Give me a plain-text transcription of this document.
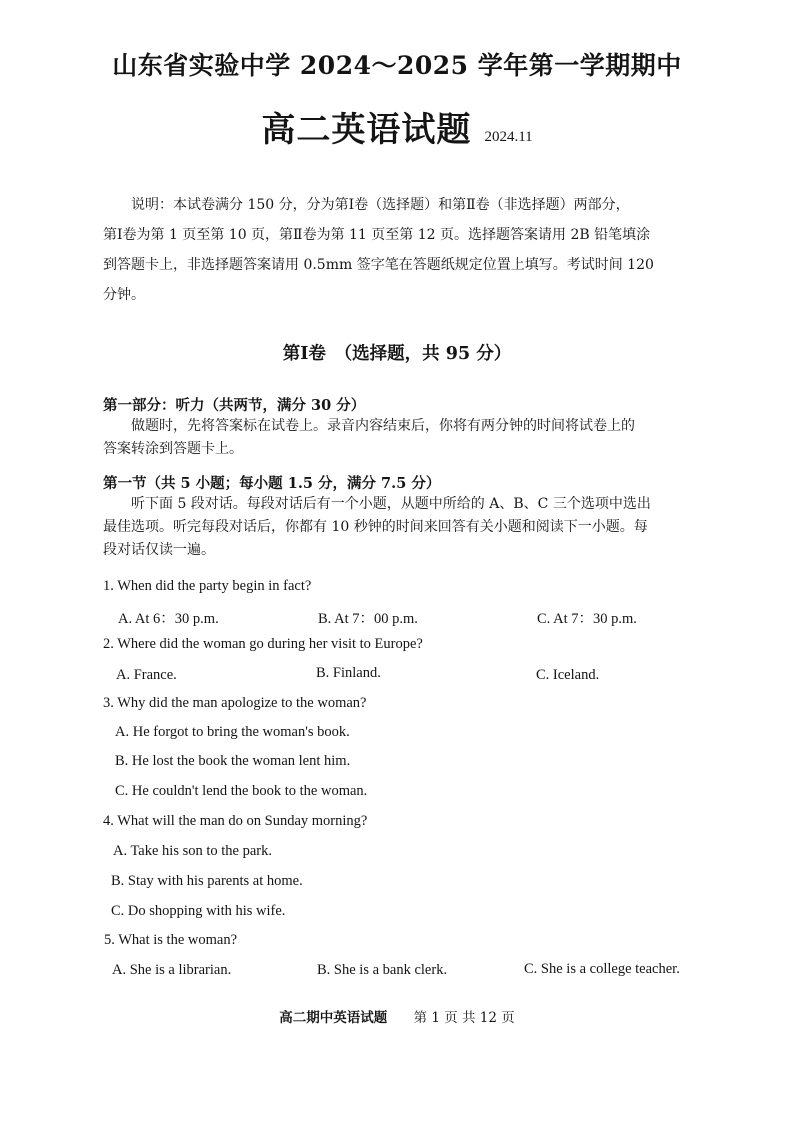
山东省实验中学 2024～2025 学年第一学期期中
高二英语试题 2024.11
说明：本试卷满分 150 分，分为第Ⅰ卷（选择题）和第Ⅱ卷（非选择题）两部分，
第Ⅰ卷为第 1 页至第 10 页，第Ⅱ卷为第 11 页至第 12 页。选择题答案请用 2B 铅笔填涂
到答题卡上，非选择题答案请用 0.5mm 签字笔在答题纸规定位置上填写。考试时间 120
分钟。
第Ⅰ卷　（选择题，共 95 分）
第一部分：听力（共两节，满分 30 分）
做题时，先将答案标在试卷上。录音内容结束后，你将有两分钟的时间将试卷上的
答案转涂到答题卡上。
第一节（共 5 小题；每小题 1.5 分，满分 7.5 分）
听下面 5 段对话。每段对话后有一个小题，从题中所给的 A、B、C 三个选项中选出
最佳选项。听完每段对话后，你都有 10 秒钟的时间来回答有关小题和阅读下一小题。每
段对话仅读一遍。
1. When did the party begin in fact?
A. At 6：30 p.m.	B. At 7：00 p.m.	C. At 7：30 p.m.
2. Where did the woman go during her visit to Europe?
A. France.	B. Finland.	C. Iceland.
3. Why did the man apologize to the woman?
A. He forgot to bring the woman's book.
B. He lost the book the woman lent him.
C. He couldn't lend the book to the woman.
4. What will the man do on Sunday morning?
A. Take his son to the park.
B. Stay with his parents at home.
C. Do shopping with his wife.
5. What is the woman?
A. She is a librarian.	B. She is a bank clerk.	C. She is a college teacher.
高二期中英语试题 第 1 页 共 12 页
